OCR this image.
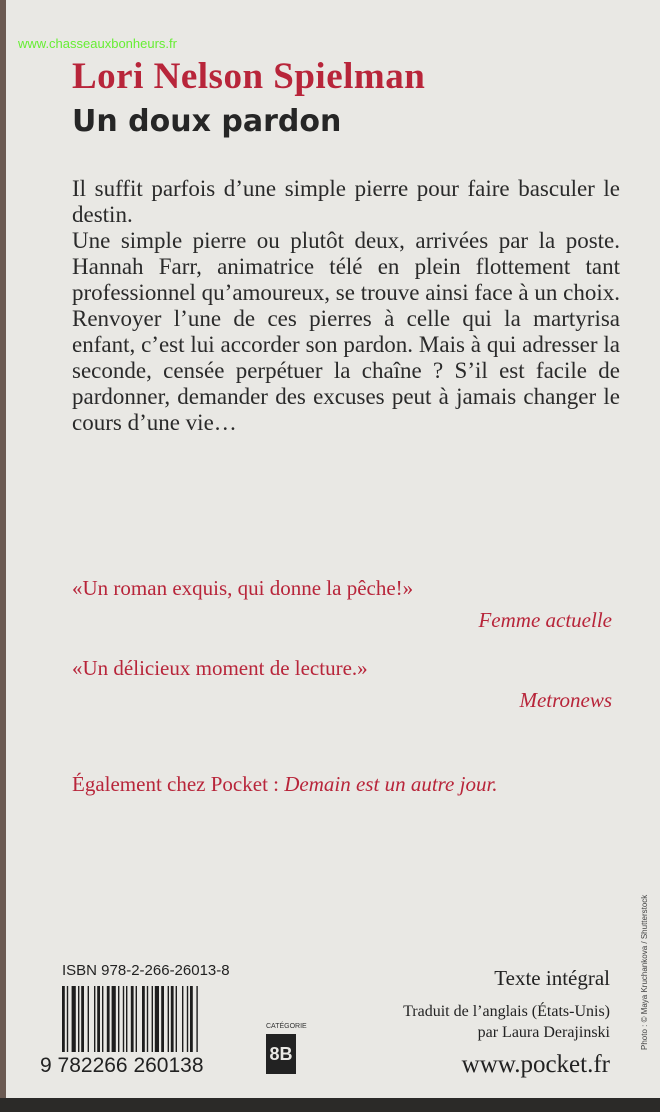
www.chasseauxbonheurs.fr
Lori Nelson Spielman
Un doux pardon

Il suffit parfois d’une simple pierre pour faire basculer le destin.

Une simple pierre ou plutôt deux, arrivées par la poste. Hannah Farr, animatrice télé en plein flottement tant professionnel qu’amoureux, se trouve ainsi face à un choix.

Renvoyer l’une de ces pierres à celle qui la martyrisa enfant, c’est lui accorder son pardon. Mais à qui adresser la seconde, censée perpétuer la chaîne ? S’il est facile de pardonner, demander des excuses peut à jamais changer le cours d’une vie…

«Un roman exquis, qui donne la pêche!»
Femme actuelle
«Un délicieux moment de lecture.»
Metronews
Également chez Pocket : Demain est un autre jour.
ISBN 978-2-266-26013-8
9 782266 260138
CATÉGORIE
8B
Texte intégral
Traduit de l’anglais (États-Unis)
par Laura Derajinski
www.pocket.fr
Photo : © Maya Kruchankova / Shutterstock
